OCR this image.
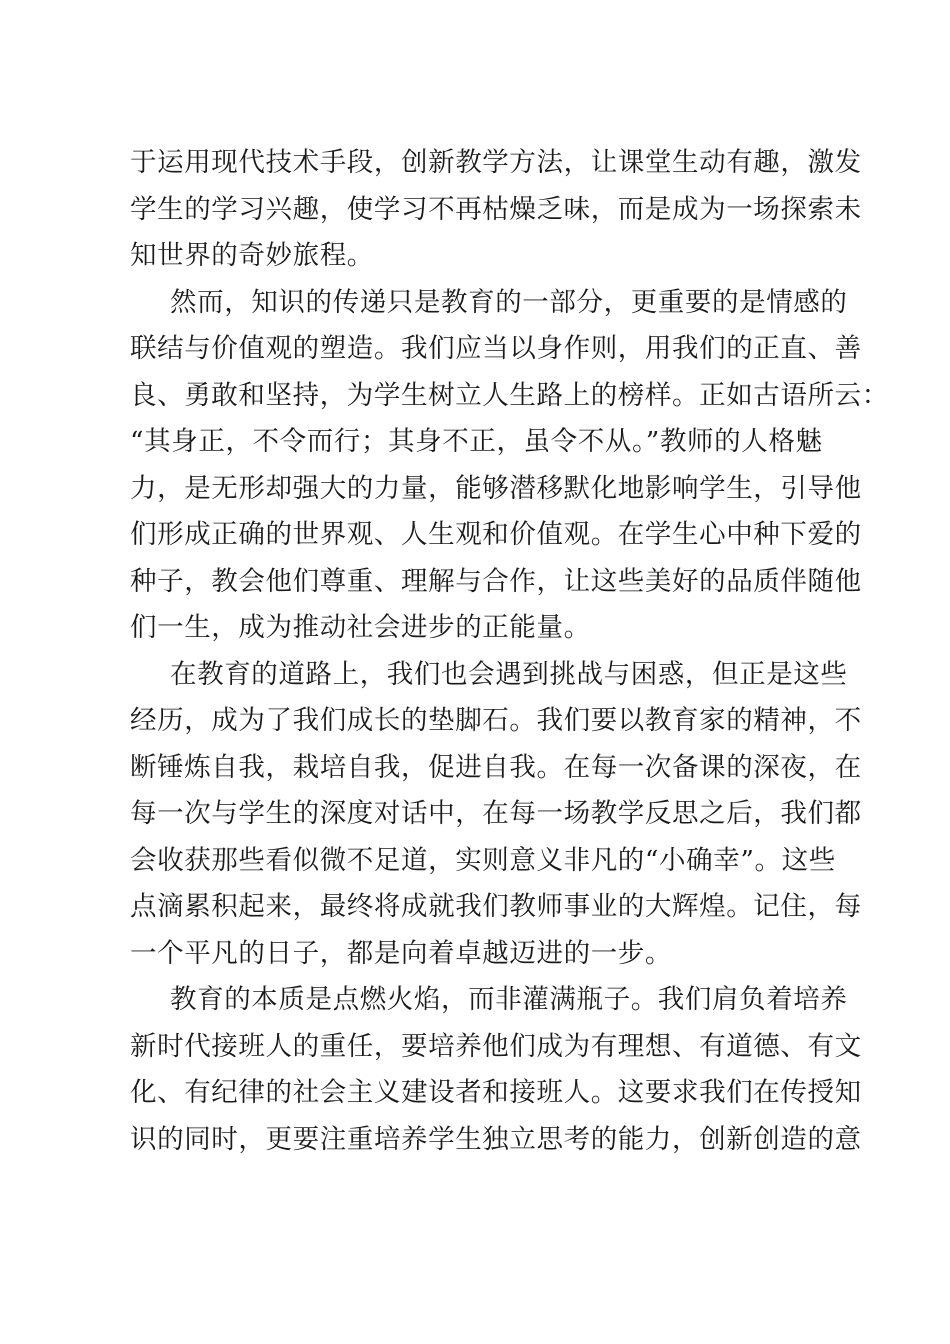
于运用现代技术手段，创新教学方法，让课堂生动有趣，激发
学生的学习兴趣，使学习不再枯燥乏味，而是成为一场探索未
知世界的奇妙旅程。
然而，知识的传递只是教育的一部分，更重要的是情感的
联结与价值观的塑造。我们应当以身作则，用我们的正直、善
良、勇敢和坚持，为学生树立人生路上的榜样。正如古语所云：
“其身正，不令而行；其身不正，虽令不从。”教师的人格魅
力，是无形却强大的力量，能够潜移默化地影响学生，引导他
们形成正确的世界观、人生观和价值观。在学生心中种下爱的
种子，教会他们尊重、理解与合作，让这些美好的品质伴随他
们一生，成为推动社会进步的正能量。
在教育的道路上，我们也会遇到挑战与困惑，但正是这些
经历，成为了我们成长的垫脚石。我们要以教育家的精神，不
断锤炼自我，栽培自我，促进自我。在每一次备课的深夜，在
每一次与学生的深度对话中，在每一场教学反思之后，我们都
会收获那些看似微不足道，实则意义非凡的“小确幸”。这些
点滴累积起来，最终将成就我们教师事业的大辉煌。记住，每
一个平凡的日子，都是向着卓越迈进的一步。
教育的本质是点燃火焰，而非灌满瓶子。我们肩负着培养
新时代接班人的重任，要培养他们成为有理想、有道德、有文
化、有纪律的社会主义建设者和接班人。这要求我们在传授知
识的同时，更要注重培养学生独立思考的能力，创新创造的意
